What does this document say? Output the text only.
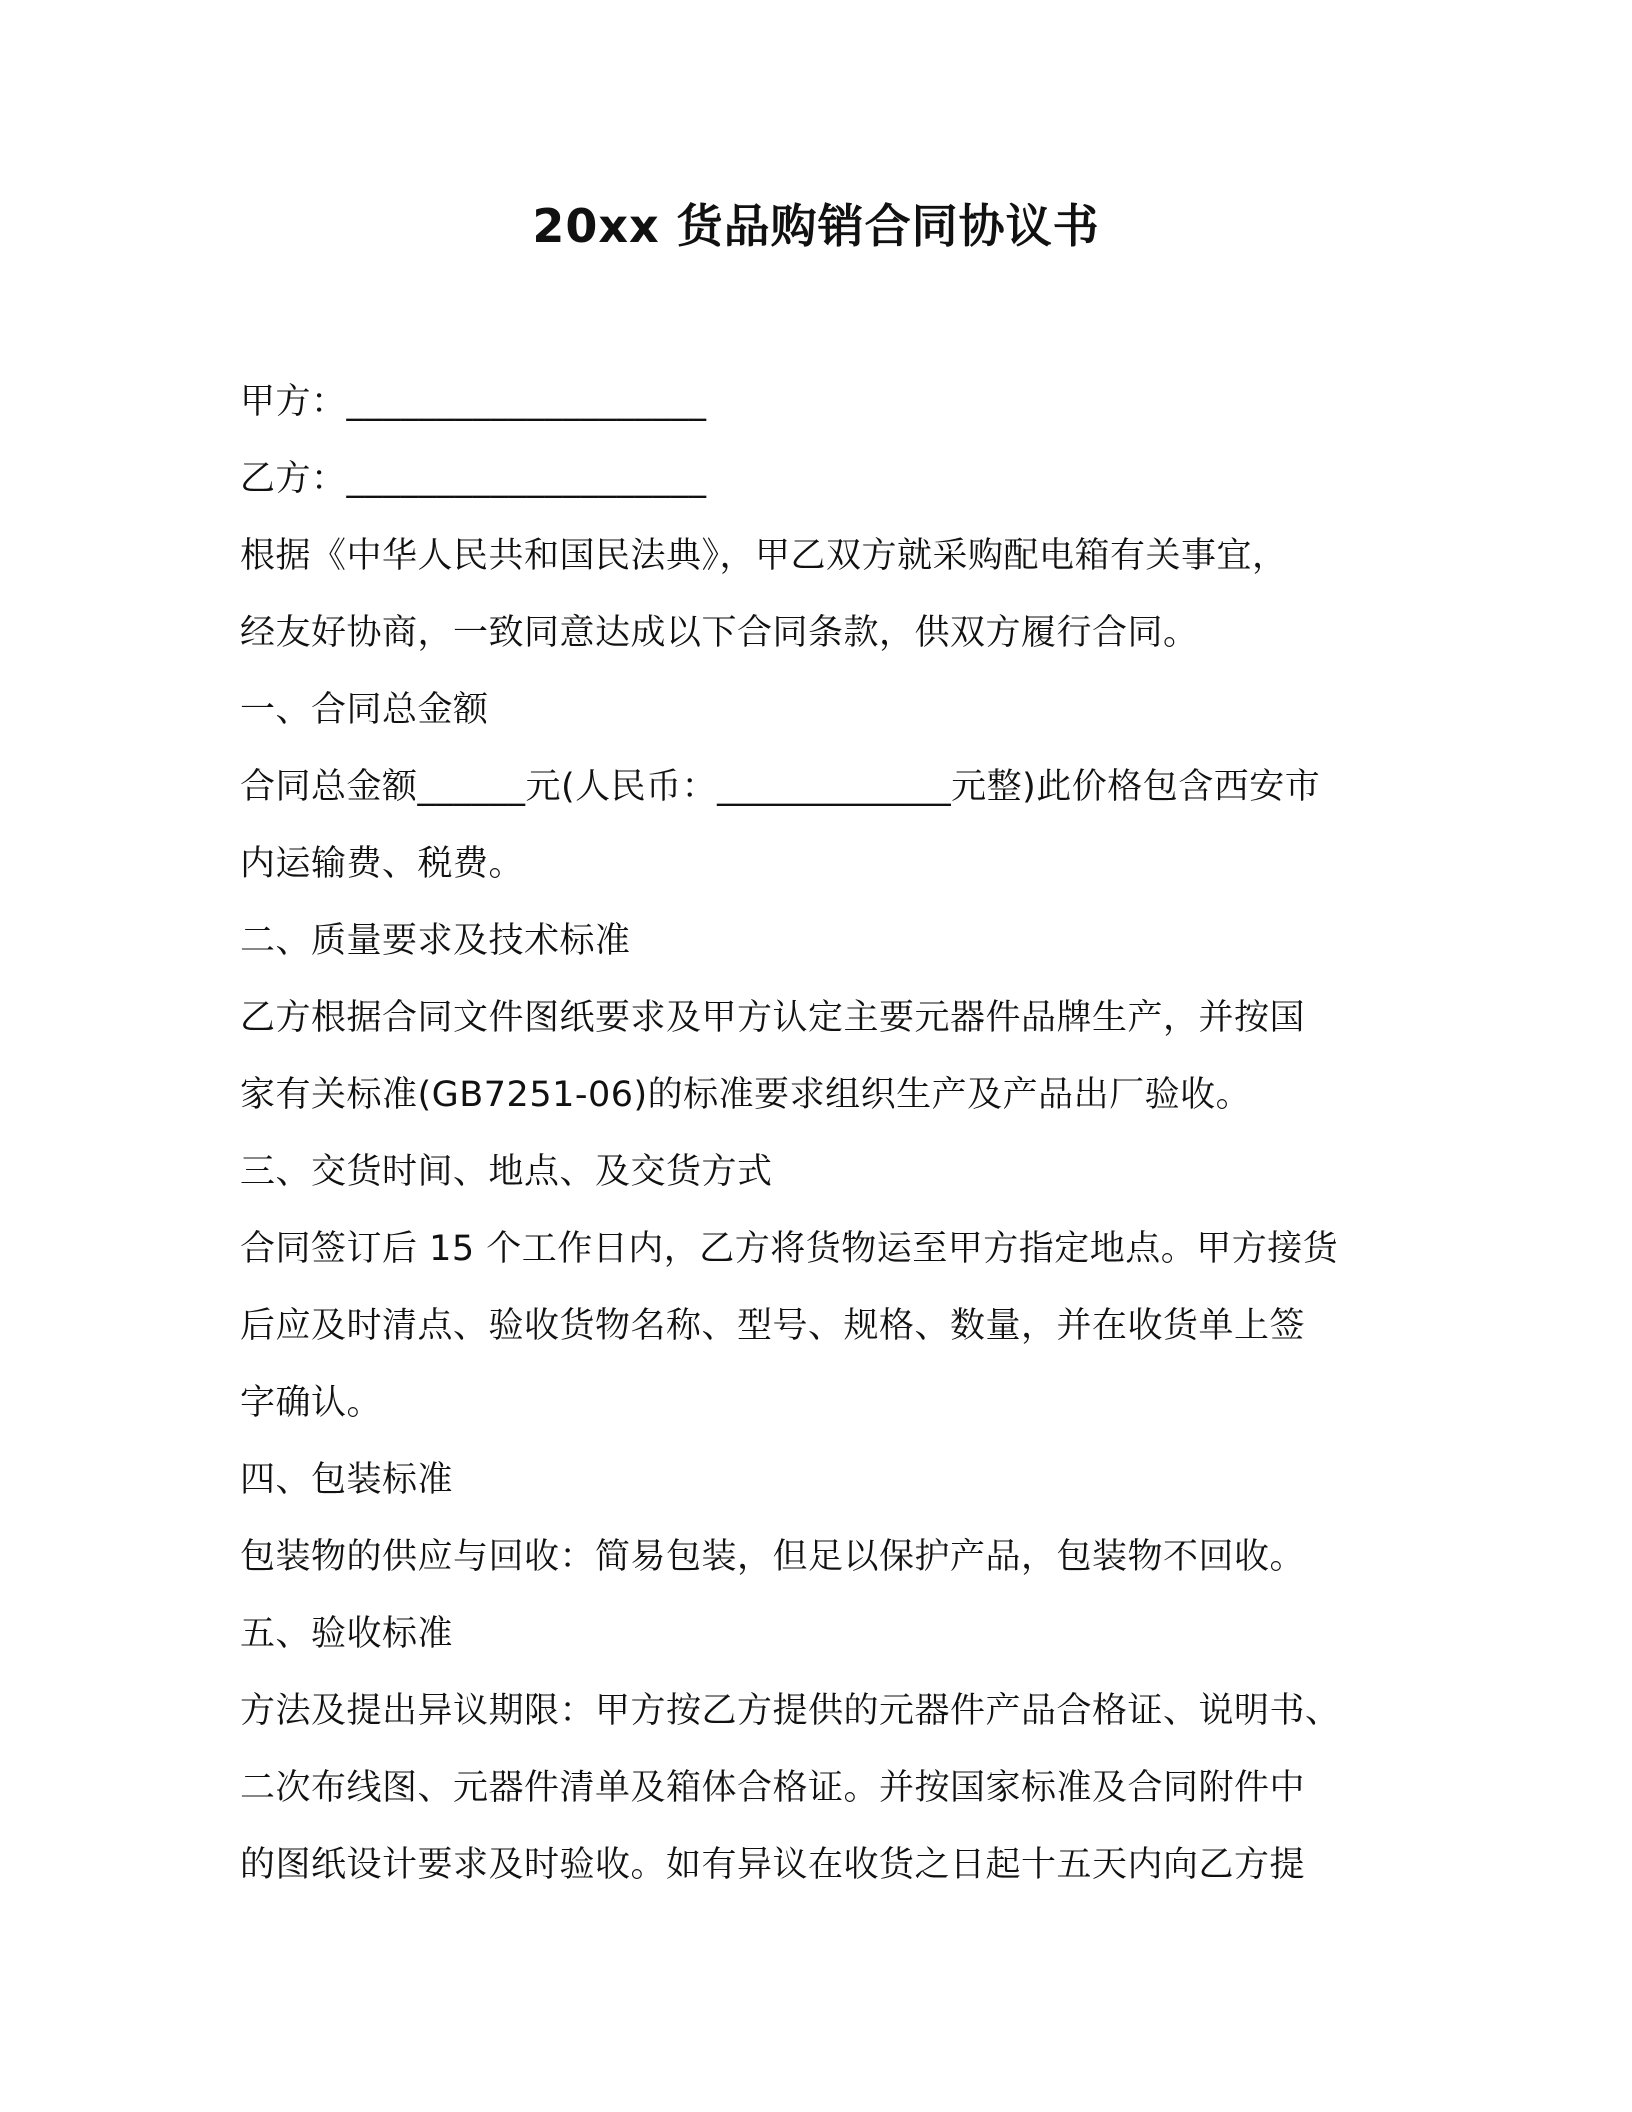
20xx 货品购销合同协议书
甲方：____________________
乙方：____________________
根据《中华人民共和国民法典》，甲乙双方就采购配电箱有关事宜，
经友好协商，一致同意达成以下合同条款，供双方履行合同。
一、合同总金额
合同总金额______元(人民币：_____________元整)此价格包含西安市
内运输费、税费。
二、质量要求及技术标准
乙方根据合同文件图纸要求及甲方认定主要元器件品牌生产，并按国
家有关标准(GB7251-06)的标准要求组织生产及产品出厂验收。
三、交货时间、地点、及交货方式
合同签订后 15 个工作日内，乙方将货物运至甲方指定地点。甲方接货
后应及时清点、验收货物名称、型号、规格、数量，并在收货单上签
字确认。
四、包装标准
包装物的供应与回收：简易包装，但足以保护产品，包装物不回收。
五、验收标准
方法及提出异议期限：甲方按乙方提供的元器件产品合格证、说明书、
二次布线图、元器件清单及箱体合格证。并按国家标准及合同附件中
的图纸设计要求及时验收。如有异议在收货之日起十五天内向乙方提
